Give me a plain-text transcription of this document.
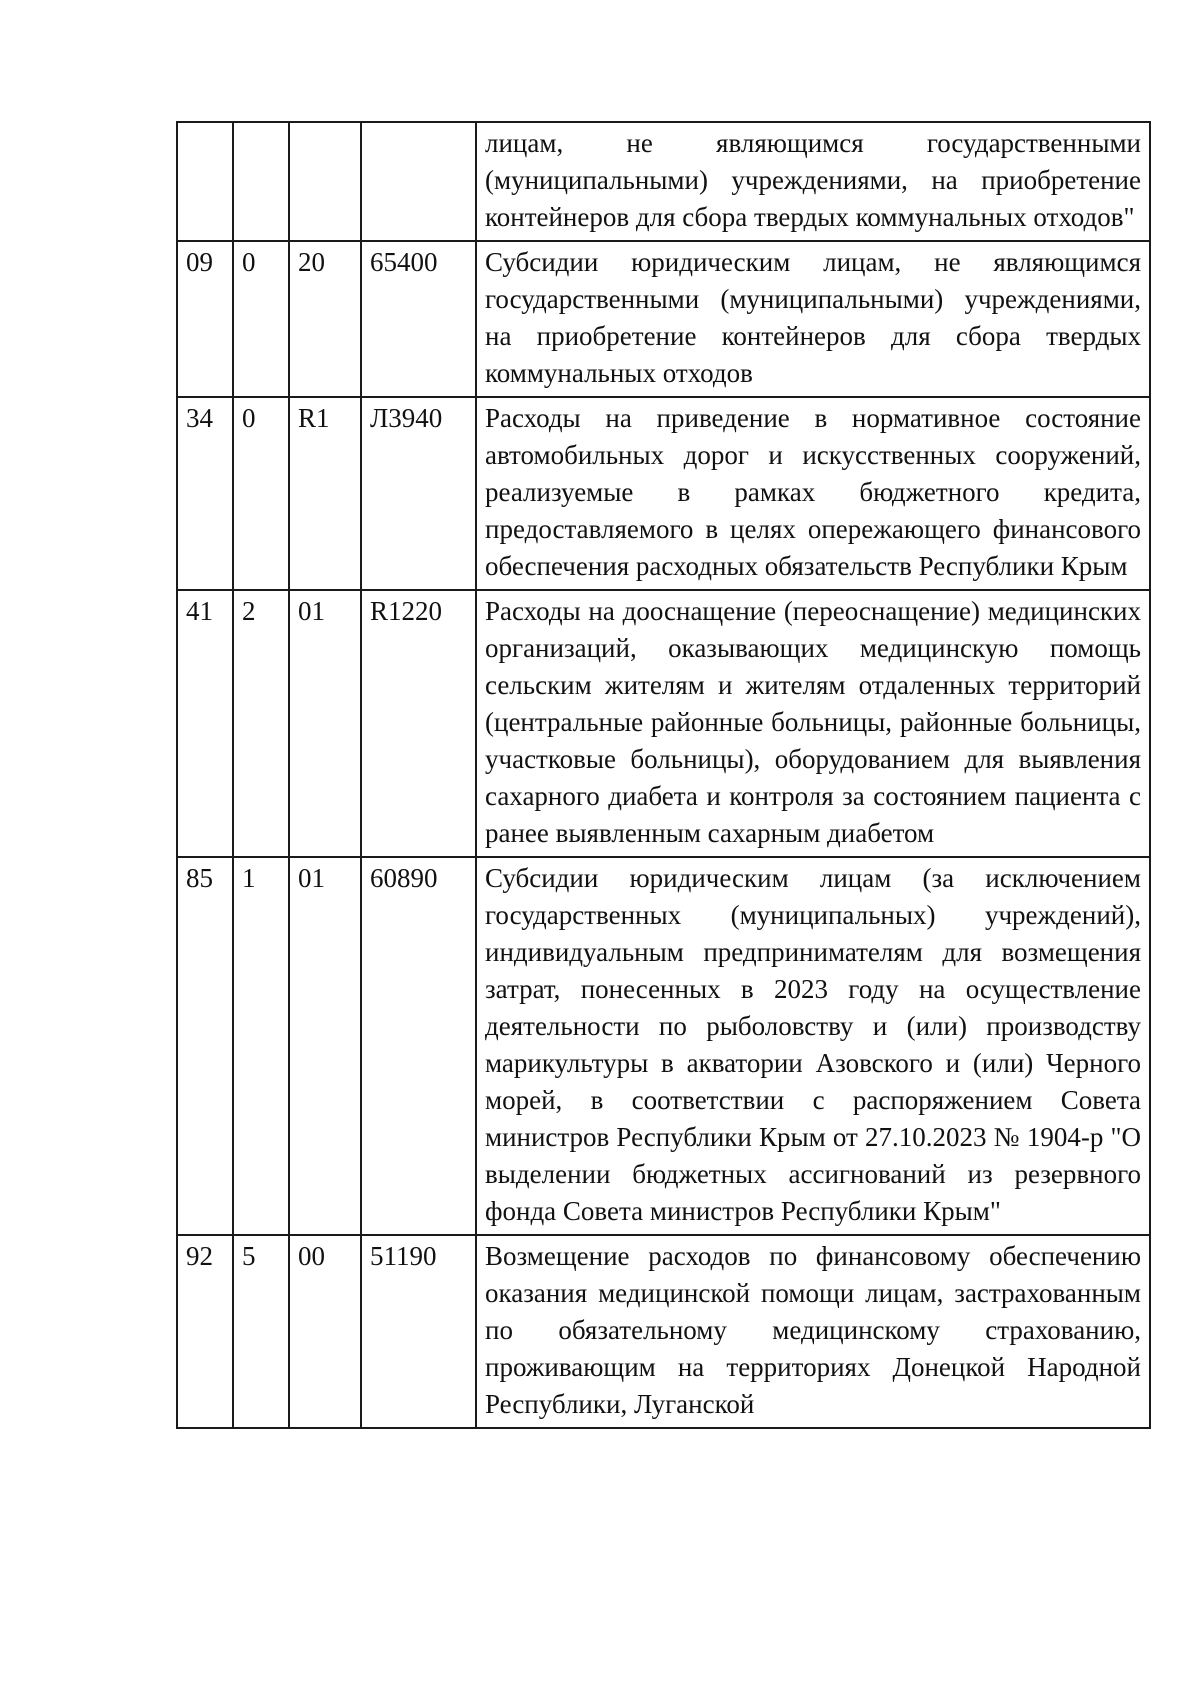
				лицам, не являющимся государственными (муниципальными) учреждениями, на приобретение контейнеров для сбора твердых коммунальных отходов"
09	0	20	65400	Субсидии юридическим лицам, не являющимся государственными (муниципальными) учреждениями, на приобретение контейнеров для сбора твердых коммунальных отходов
34	0	R1	Л3940	Расходы на приведение в нормативное состояние автомобильных дорог и искусственных сооружений, реализуемые в рамках бюджетного кредита, предоставляемого в целях опережающего финансового обеспечения расходных обязательств Республики Крым
41	2	01	R1220	Расходы на дооснащение (переоснащение) медицинских организаций, оказывающих медицинскую помощь сельским жителям и жителям отдаленных территорий (центральные районные больницы, районные больницы, участковые больницы), оборудованием для выявления сахарного диабета и контроля за состоянием пациента с ранее выявленным сахарным диабетом
85	1	01	60890	Субсидии юридическим лицам (за исключением государственных (муниципальных) учреждений), индивидуальным предпринимателям для возмещения затрат, понесенных в 2023 году на осуществление деятельности по рыболовству и (или) производству марикультуры в акватории Азовского и (или) Черного морей, в соответствии с распоряжением Совета министров Республики Крым от 27.10.2023 № 1904-р "О выделении бюджетных ассигнований из резервного фонда Совета министров Республики Крым"
92	5	00	51190	Возмещение расходов по финансовому обеспечению оказания медицинской помощи лицам, застрахованным по обязательному медицинскому страхованию, проживающим на территориях Донецкой Народной Республики, Луганской
